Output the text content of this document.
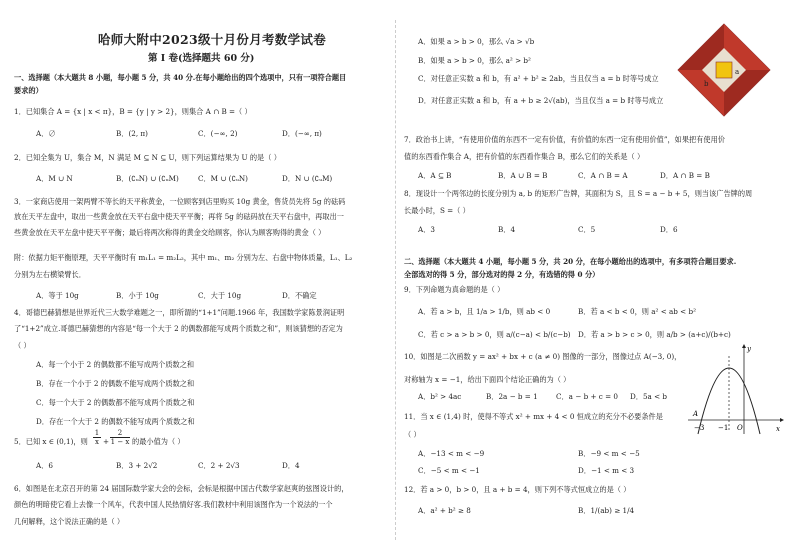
哈师大附中2023级十月份月考数学试卷
第 I 卷(选择题共 60 分)
一、选择题（本大题共 8 小题，每小题 5 分，共 40 分.在每小题给出的四个选项中，只有一项符合题目
要求的）
1．已知集合 A = {x | x < π}，B = {y | y > 2}，则集合 A ∩ B =（ ）
A．∅	B．(2, π)	C．(−∞, 2)	D．(−∞, π)
2．已知全集为 U，集合 M，N 满足 M ⊆ N ⊆ U，则下列运算结果为 U 的是（ ）
A．M ∪ N	B．(∁ᵤN) ∪ (∁ᵤM)	C．M ∪ (∁ᵤN)	D．N ∪ (∁ᵤM)
3．一家商店使用一架两臂不等长的天平称黄金，一位顾客到店里购买 10g 黄金，售货员先将 5g 的砝码
放在天平左盘中，取出一些黄金放在天平右盘中使天平平衡；再将 5g 的砝码放在天平右盘中，再取出一
些黄金放在天平左盘中使天平平衡；最后将两次称得的黄金交给顾客，你认为顾客购得的黄金（ ）
附：依据力矩平衡原理，天平平衡时有 m₁L₁ = m₂L₂，其中 m₁、m₂ 分别为左、右盘中物体质量，L₁、L₂
分别为左右横梁臂长．
A．等于 10g	B．小于 10g	C．大于 10g	D．不确定
4．哥德巴赫猜想是世界近代三大数学难题之一，即所谓的“1+1”问题.1966 年，我国数学家陈景润证明
了“1+2”成立.哥德巴赫猜想的内容是“每一个大于 2 的偶数都能写成两个质数之和”，则该猜想的否定为
（ ）
A．每一个小于 2 的偶数都不能写成两个质数之和
B．存在一个小于 2 的偶数不能写成两个质数之和
C．每一个大于 2 的偶数都不能写成两个质数之和
D．存在一个大于 2 的偶数不能写成两个质数之和
5．已知 x ∈ (0,1)，则 $\frac{1}{x} + \frac{2}{1 - x}$ 的最小值为（ ）
A．6	B．3 + 2√2	C．2 + 2√3	D．4
6．如图是在北京召开的第 24 届国际数学家大会的会标，会标是根据中国古代数学家赵爽的弦图设计的，
颜色的明暗使它看上去像一个风车，代表中国人民热情好客.我们教材中利用该图作为一个说法的一个
几何解释，这个说法正确的是（ ）
A．如果 a > b > 0，那么 √a > √b
B．如果 a > b > 0，那么 a² > b²
C．对任意正实数 a 和 b，有 a² + b² ≥ 2ab，当且仅当 a = b 时等号成立
D．对任意正实数 a 和 b，有 a + b ≥ 2√(ab)，当且仅当 a = b 时等号成立
a
b
7．政治书上讲，“有使用价值的东西不一定有价值，有价值的东西一定有使用价值”，如果把有使用价
值的东西看作集合 A，把有价值的东西看作集合 B，那么它们的关系是（ ）
A．A ⊆ B	B．A ∪ B = B	C．A ∩ B = A	D．A ∩ B = B
8．现设计一个两邻边的长度分别为 a, b 的矩形广告牌，其面积为 S，且 S = a − b + 5，则当该广告牌的周
长最小时，S =（ ）
A．3	B．4	C．5	D．6
二、选择题（本大题共 4 小题，每小题 5 分，共 20 分，在每小题给出的选项中，有多项符合题目要求.
全部选对的得 5 分，部分选对的得 2 分，有选错的得 0 分）
9．下列命题为真命题的是（ ）
A．若 a > b，且 1/a > 1/b，则 ab < 0	B．若 a < b < 0，则 a² < ab < b²
C．若 c > a > b > 0，则 a/(c−a) < b/(c−b) D．若 a > b > c > 0，则 a/b > (a+c)/(b+c)
10．如图是二次函数 y = ax² + bx + c (a ≠ 0) 图像的一部分，图像过点 A(−3, 0)，
对称轴为 x = −1，给出下面四个结论正确的为（ ）
A．b² > 4ac	B．2a − b = 1	C．a − b + c = 0 D．5a < b
y
x
A
−3 −1 O
11．当 x ∈ (1,4) 时，使得不等式 x² + mx + 4 < 0 恒成立的充分不必要条件是
（ ）
A．−13 < m < −9	B．−9 < m < −5
C．−5 < m < −1	D．−1 < m < 3
12．若 a > 0，b > 0，且 a + b = 4，则下列不等式恒成立的是（ ）
A．a² + b² ≥ 8	B．1/(ab) ≥ 1/4
